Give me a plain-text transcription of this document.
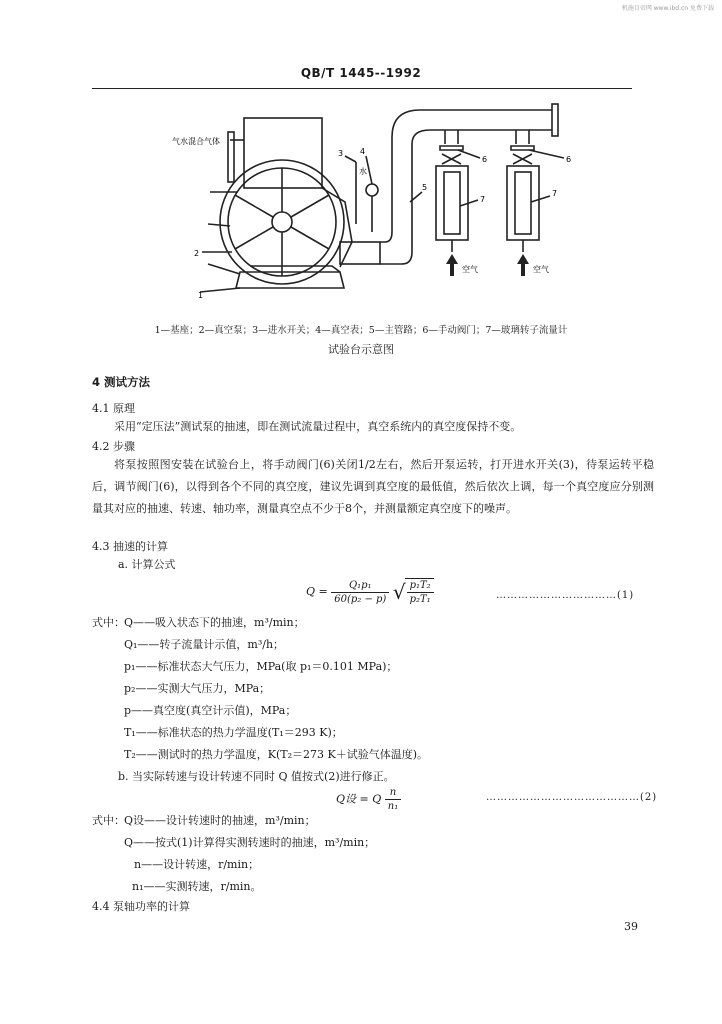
机施目帝网 www.ibd.cn 免费下载
QB/T 1445--1992
气水混合气体
水
1
2
3 4
5
6	6
7
7
空气	空气
1—基座；2—真空泵；3—进水开关；4—真空表；5—主管路；6—手动阀门；7—玻璃转子流量计
试验台示意图
4 测试方法
4.1 原理
采用“定压法”测试泵的抽速，即在测试流量过程中，真空系统内的真空度保持不变。
4.2 步骤
将泵按照图安装在试验台上，将手动阀门(6)关闭1/2左右，然后开泵运转，打开进水开关(3)，待泵运转平稳后，调节阀门(6)，以得到各个不同的真空度，建议先调到真空度的最低值，然后依次上调，每一个真空度应分别测量其对应的抽速、转速、轴功率，测量真空点不少于8个，并测量额定真空度下的噪声。
4.3 抽速的计算
a. 计算公式
$Q = \frac{\text{Q₁p₁}}{\text{60(p₂ − p)}}$ √ $\frac{\text{p₁T₂}}{\text{p₂T₁}}$	……………………………(1)
式中： Q——吸入状态下的抽速，m³/min；
Q₁——转子流量计示值，m³/h；
p₁——标准状态大气压力，MPa(取 p₁＝0.101 MPa)；
p₂——实测大气压力，MPa；
p——真空度(真空计示值)，MPa；
T₁——标准状态的热力学温度(T₁＝293 K)；
T₂——测试时的热力学温度，K(T₂＝273 K＋试验气体温度)。
b. 当实际转速与设计转速不同时 Q 值按式(2)进行修正。
Q设 = Q $\frac{n}{\text{n₁}}$	……………………………………(2)
式中： Q设——设计转速时的抽速，m³/min；
Q——按式(1)计算得实测转速时的抽速，m³/min；
n——设计转速，r/min；
n₁——实测转速，r/min。
4.4 泵轴功率的计算
39
